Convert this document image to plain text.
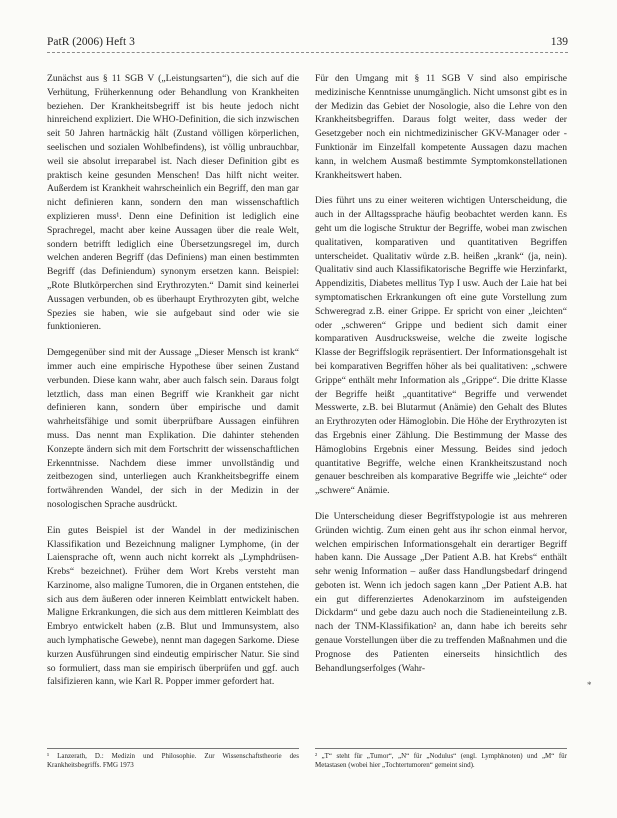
PatR (2006) Heft 3	139

Zunächst aus § 11 SGB V („Leistungsarten“), die sich auf die Verhütung, Früherkennung oder Behandlung von Krankheiten beziehen. Der Krankheitsbegriff ist bis heute jedoch nicht hinreichend expliziert. Die WHO-Definition, die sich inzwischen seit 50 Jahren hartnäckig hält (Zustand völligen körperlichen, seelischen und sozialen Wohlbefindens), ist völlig unbrauchbar, weil sie absolut irreparabel ist. Nach dieser Definition gibt es praktisch keine gesunden Menschen! Das hilft nicht weiter. Außerdem ist Krankheit wahrscheinlich ein Begriff, den man gar nicht definieren kann, sondern den man wissenschaftlich explizieren muss¹. Denn eine Definition ist lediglich eine Sprachregel, macht aber keine Aussagen über die reale Welt, sondern betrifft lediglich eine Übersetzungsregel im, durch welchen anderen Begriff (das Definiens) man einen bestimmten Begriff (das Definiendum) synonym ersetzen kann. Beispiel: „Rote Blutkörperchen sind Erythrozyten.“ Damit sind keinerlei Aussagen verbunden, ob es überhaupt Erythrozyten gibt, welche Spezies sie haben, wie sie aufgebaut sind oder wie sie funktionieren.

Demgegenüber sind mit der Aussage „Dieser Mensch ist krank“ immer auch eine empirische Hypothese über seinen Zustand verbunden. Diese kann wahr, aber auch falsch sein. Daraus folgt letztlich, dass man einen Begriff wie Krankheit gar nicht definieren kann, sondern über empirische und damit wahrheitsfähige und somit überprüfbare Aussagen einführen muss. Das nennt man Explikation. Die dahinter stehenden Konzepte ändern sich mit dem Fortschritt der wissenschaftlichen Erkenntnisse. Nachdem diese immer unvollständig und zeitbezogen sind, unterliegen auch Krankheitsbegriffe einem fortwährenden Wandel, der sich in der Medizin in der nosologischen Sprache ausdrückt.

Ein gutes Beispiel ist der Wandel in der medizinischen Klassifikation und Bezeichnung maligner Lymphome, (in der Laiensprache oft, wenn auch nicht korrekt als „Lymphdrüsen-Krebs“ bezeichnet). Früher dem Wort Krebs versteht man Karzinome, also maligne Tumoren, die in Organen entstehen, die sich aus dem äußeren oder inneren Keimblatt entwickelt haben. Maligne Erkrankungen, die sich aus dem mittleren Keimblatt des Embryo entwickelt haben (z.B. Blut und Immunsystem, also auch lymphatische Gewebe), nennt man dagegen Sarkome. Diese kurzen Ausführungen sind eindeutig empirischer Natur. Sie sind so formuliert, dass man sie empirisch überprüfen und ggf. auch falsifizieren kann, wie Karl R. Popper immer gefordert hat.

Für den Umgang mit § 11 SGB V sind also empirische medizinische Kenntnisse unumgänglich. Nicht umsonst gibt es in der Medizin das Gebiet der Nosologie, also die Lehre von den Krankheitsbegriffen. Daraus folgt weiter, dass weder der Gesetzgeber noch ein nichtmedizinischer GKV-Manager oder -Funktionär im Einzelfall kompetente Aussagen dazu machen kann, in welchem Ausmaß bestimmte Symptomkonstellationen Krankheitswert haben.

Dies führt uns zu einer weiteren wichtigen Unterscheidung, die auch in der Alltagssprache häufig beobachtet werden kann. Es geht um die logische Struktur der Begriffe, wobei man zwischen qualitativen, komparativen und quantitativen Begriffen unterscheidet. Qualitativ würde z.B. heißen „krank“ (ja, nein). Qualitativ sind auch Klassifikatorische Begriffe wie Herzinfarkt, Appendizitis, Diabetes mellitus Typ I usw. Auch der Laie hat bei symptomatischen Erkrankungen oft eine gute Vorstellung zum Schweregrad z.B. einer Grippe. Er spricht von einer „leichten“ oder „schweren“ Grippe und bedient sich damit einer komparativen Ausdrucksweise, welche die zweite logische Klasse der Begriffslogik repräsentiert. Der Informationsgehalt ist bei komparativen Begriffen höher als bei qualitativen: „schwere Grippe“ enthält mehr Information als „Grippe“. Die dritte Klasse der Begriffe heißt „quantitative“ Begriffe und verwendet Messwerte, z.B. bei Blutarmut (Anämie) den Gehalt des Blutes an Erythrozyten oder Hämoglobin. Die Höhe der Erythrozyten ist das Ergebnis einer Zählung. Die Bestimmung der Masse des Hämoglobins Ergebnis einer Messung. Beides sind jedoch quantitative Begriffe, welche einen Krankheitszustand noch genauer beschreiben als komparative Begriffe wie „leichte“ oder „schwere“ Anämie.

Die Unterscheidung dieser Begriffstypologie ist aus mehreren Gründen wichtig. Zum einen geht aus ihr schon einmal hervor, welchen empirischen Informationsgehalt ein derartiger Begriff haben kann. Die Aussage „Der Patient A.B. hat Krebs“ enthält sehr wenig Information – außer dass Handlungsbedarf dringend geboten ist. Wenn ich jedoch sagen kann „Der Patient A.B. hat ein gut differenziertes Adenokarzinom im aufsteigenden Dickdarm“ und gebe dazu auch noch die Stadieneinteilung z.B. nach der TNM-Klassifikation² an, dann habe ich bereits sehr genaue Vorstellungen über die zu treffenden Maßnahmen und die Prognose des Patienten einerseits hinsichtlich des Behandlungserfolges (Wahr-

¹ Lanzerath, D.: Medizin und Philosophie. Zur Wissenschaftstheorie des Krankheitsbegriffs. FMG 1973

² „T“ steht für „Tumor“, „N“ für „Nodulus“ (engl. Lymphknoten) und „M“ für Metastasen (wobei hier „Tochtertumoren“ gemeint sind).

*
